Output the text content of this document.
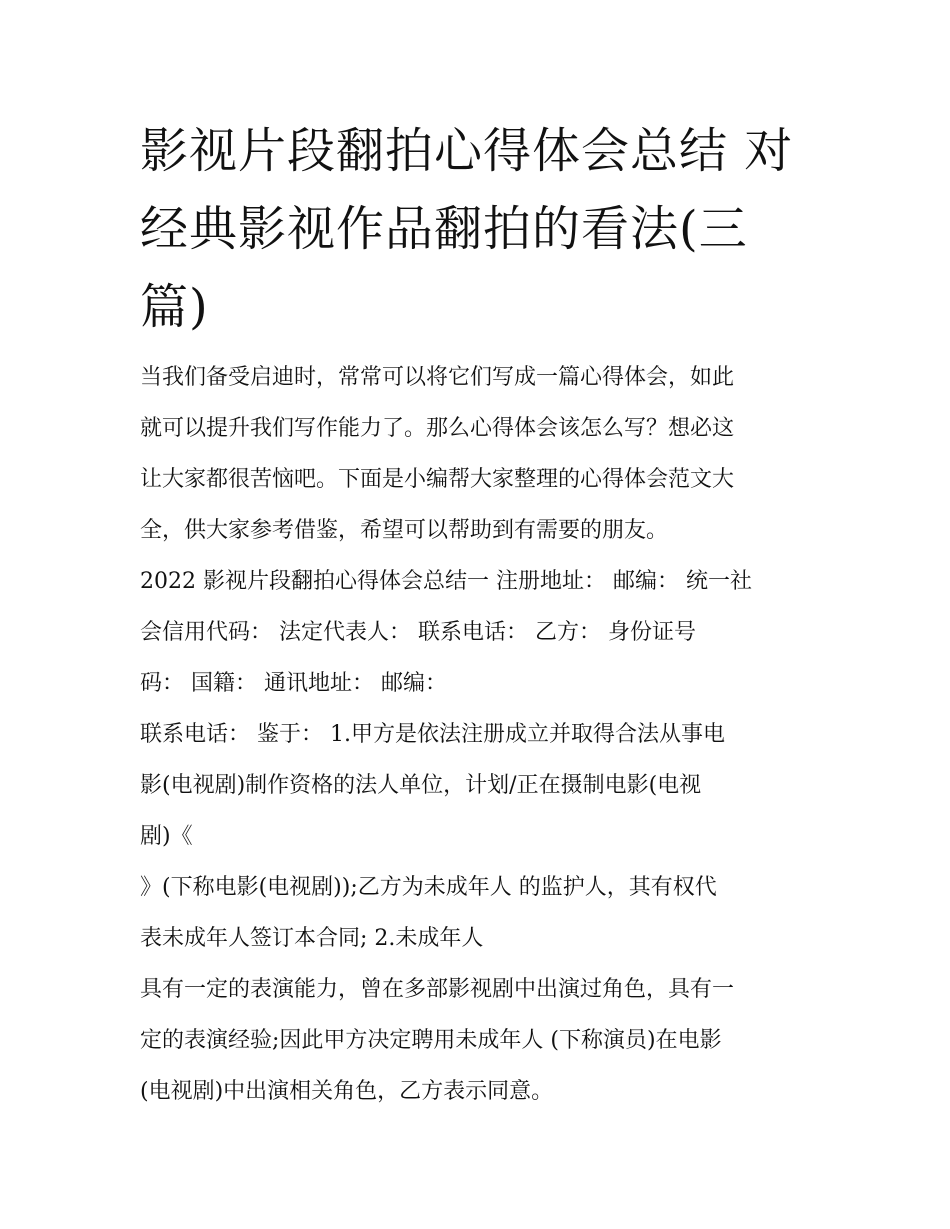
影视片段翻拍心得体会总结 对
经典影视作品翻拍的看法(三
篇)
当我们备受启迪时，常常可以将它们写成一篇心得体会，如此
就可以提升我们写作能力了。那么心得体会该怎么写？想必这
让大家都很苦恼吧。下面是小编帮大家整理的心得体会范文大
全，供大家参考借鉴，希望可以帮助到有需要的朋友。
2022 影视片段翻拍心得体会总结一 注册地址： 邮编： 统一社
会信用代码： 法定代表人： 联系电话： 乙方： 身份证号
码： 国籍： 通讯地址： 邮编：
联系电话： 鉴于： 1.甲方是依法注册成立并取得合法从事电
影(电视剧)制作资格的法人单位，计划/正在摄制电影(电视
剧)《
》(下称电影(电视剧));乙方为未成年人 的监护人，其有权代
表未成年人签订本合同; 2.未成年人
具有一定的表演能力，曾在多部影视剧中出演过角色，具有一
定的表演经验;因此甲方决定聘用未成年人 (下称演员)在电影
(电视剧)中出演相关角色，乙方表示同意。
